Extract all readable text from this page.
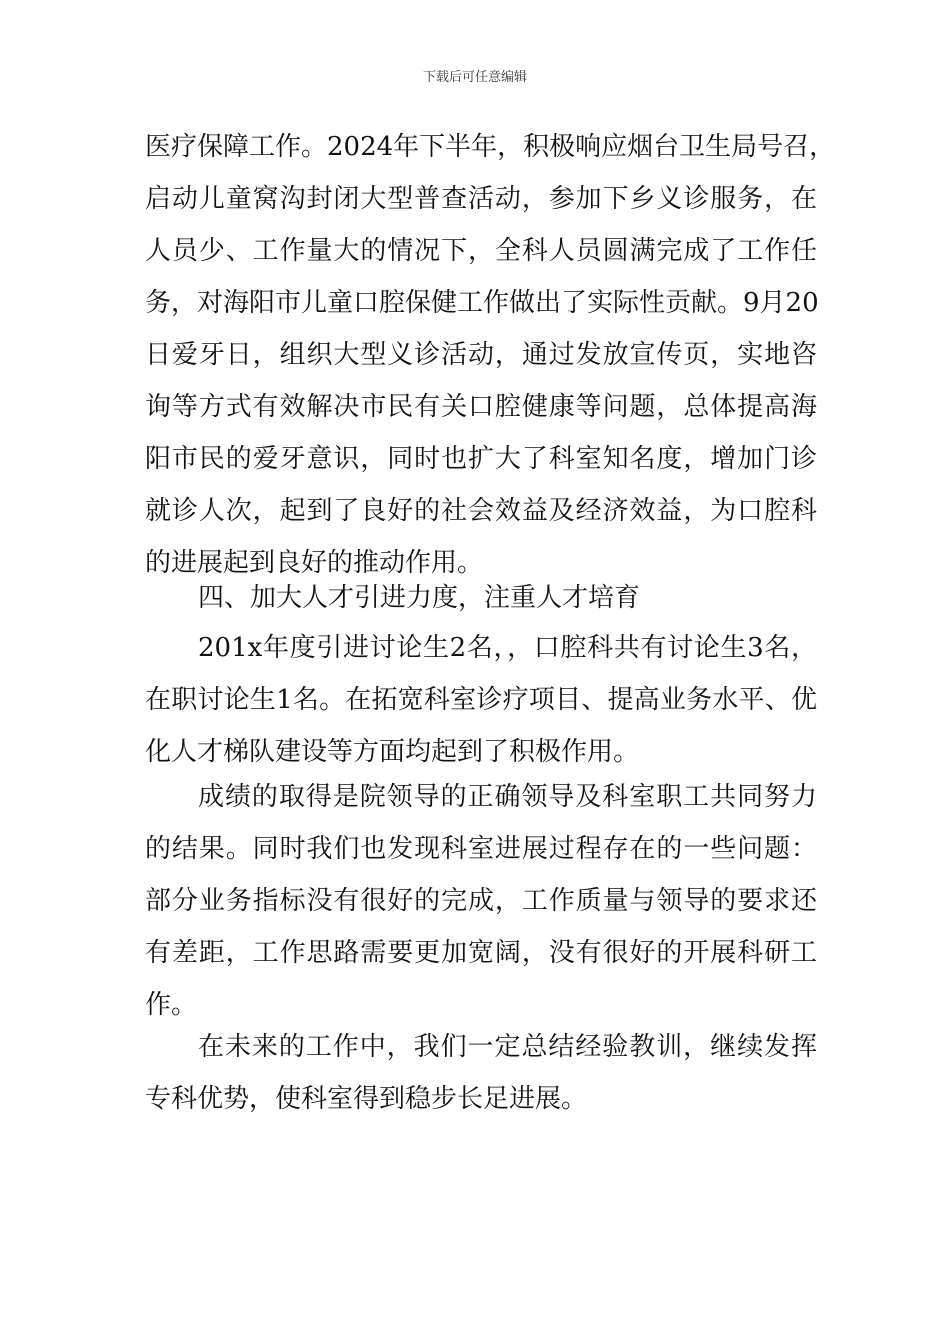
下载后可任意编辑
医疗保障工作。2024年下半年，积极响应烟台卫生局号召，
启动儿童窝沟封闭大型普查活动，参加下乡义诊服务，在
人员少、工作量大的情况下，全科人员圆满完成了工作任
务，对海阳市儿童口腔保健工作做出了实际性贡献。9月20
日爱牙日，组织大型义诊活动，通过发放宣传页，实地咨
询等方式有效解决市民有关口腔健康等问题，总体提高海
阳市民的爱牙意识，同时也扩大了科室知名度，增加门诊
就诊人次，起到了良好的社会效益及经济效益，为口腔科
的进展起到良好的推动作用。
四、加大人才引进力度，注重人才培育
201x年度引进讨论生2名，，口腔科共有讨论生3名，
在职讨论生1名。在拓宽科室诊疗项目、提高业务水平、优
化人才梯队建设等方面均起到了积极作用。
成绩的取得是院领导的正确领导及科室职工共同努力
的结果。同时我们也发现科室进展过程存在的一些问题：
部分业务指标没有很好的完成，工作质量与领导的要求还
有差距，工作思路需要更加宽阔，没有很好的开展科研工
作。
在未来的工作中，我们一定总结经验教训，继续发挥
专科优势，使科室得到稳步长足进展。
